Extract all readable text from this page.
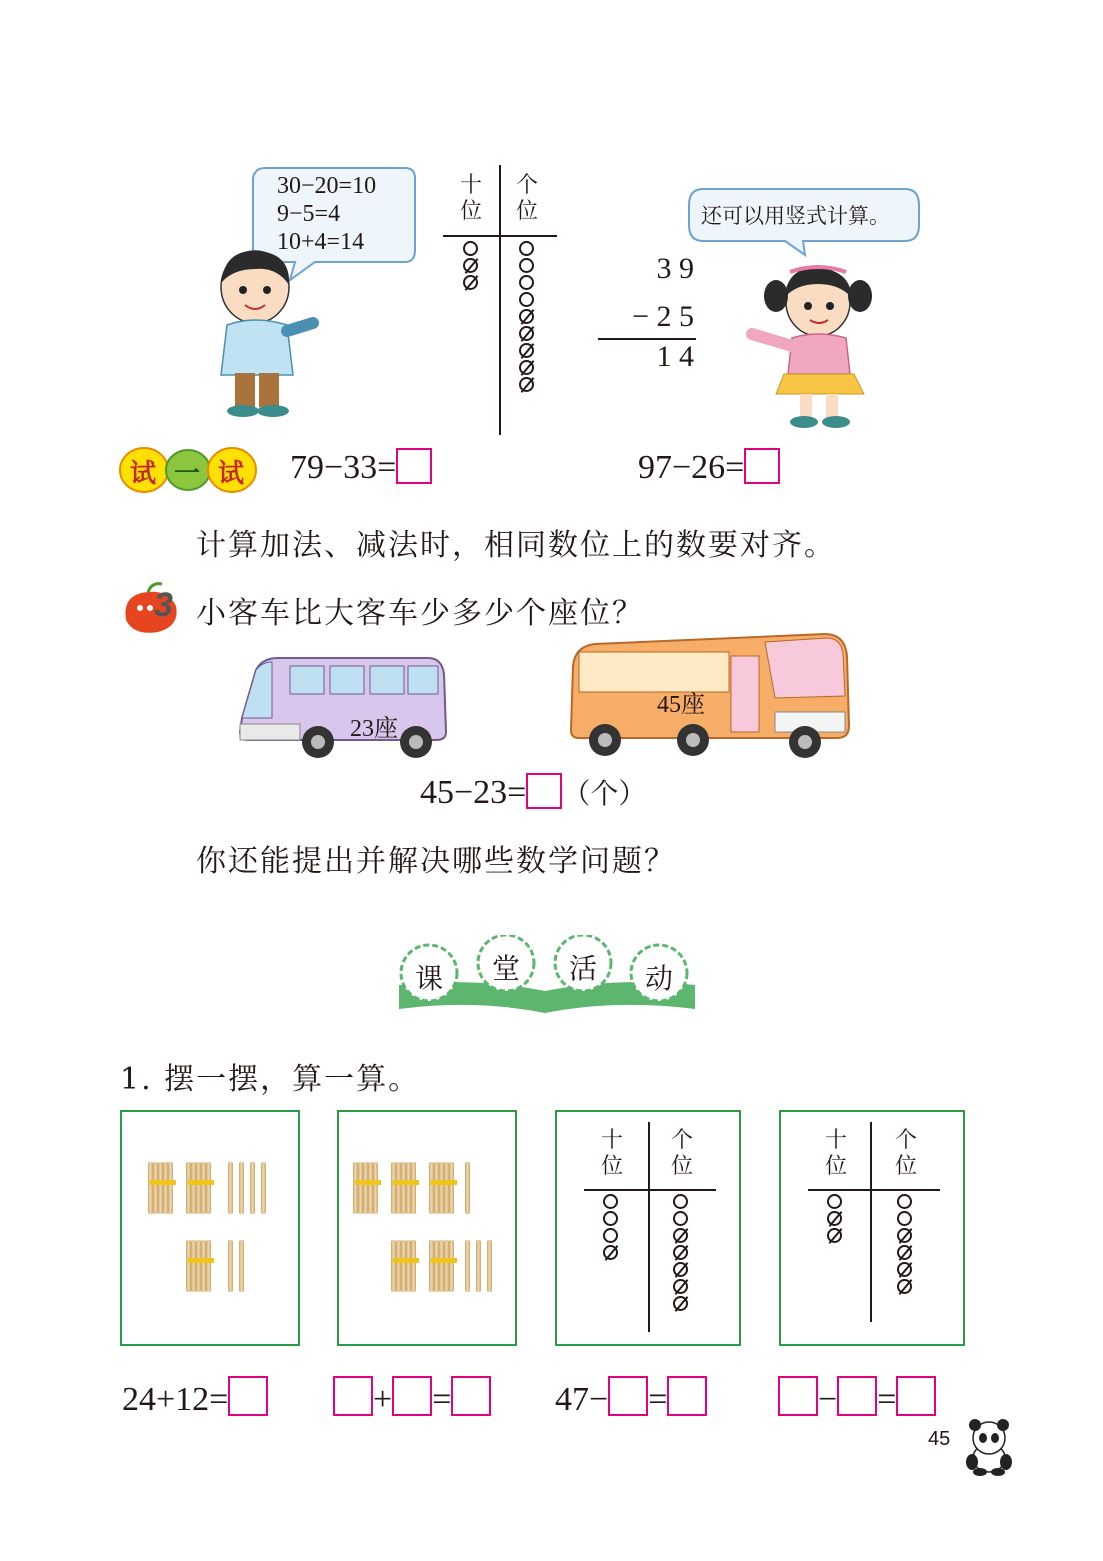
30−20=10
9−5=4
10+4=14
十
位
个
位
3 9
− 2 5
1 4
还可以用竖式计算。
试 一 试 79−33=	97−26=
计算加法、减法时，相同数位上的数要对齐。
3 小客车比大客车少多少个座位？
23座
45座
45−23= （个）
你还能提出并解决哪些数学问题？
课 堂 活 动
1. 摆一摆，算一算。
十
位
个
位
十
位
个
位
24+12=	+ =	47− =	− =
45
